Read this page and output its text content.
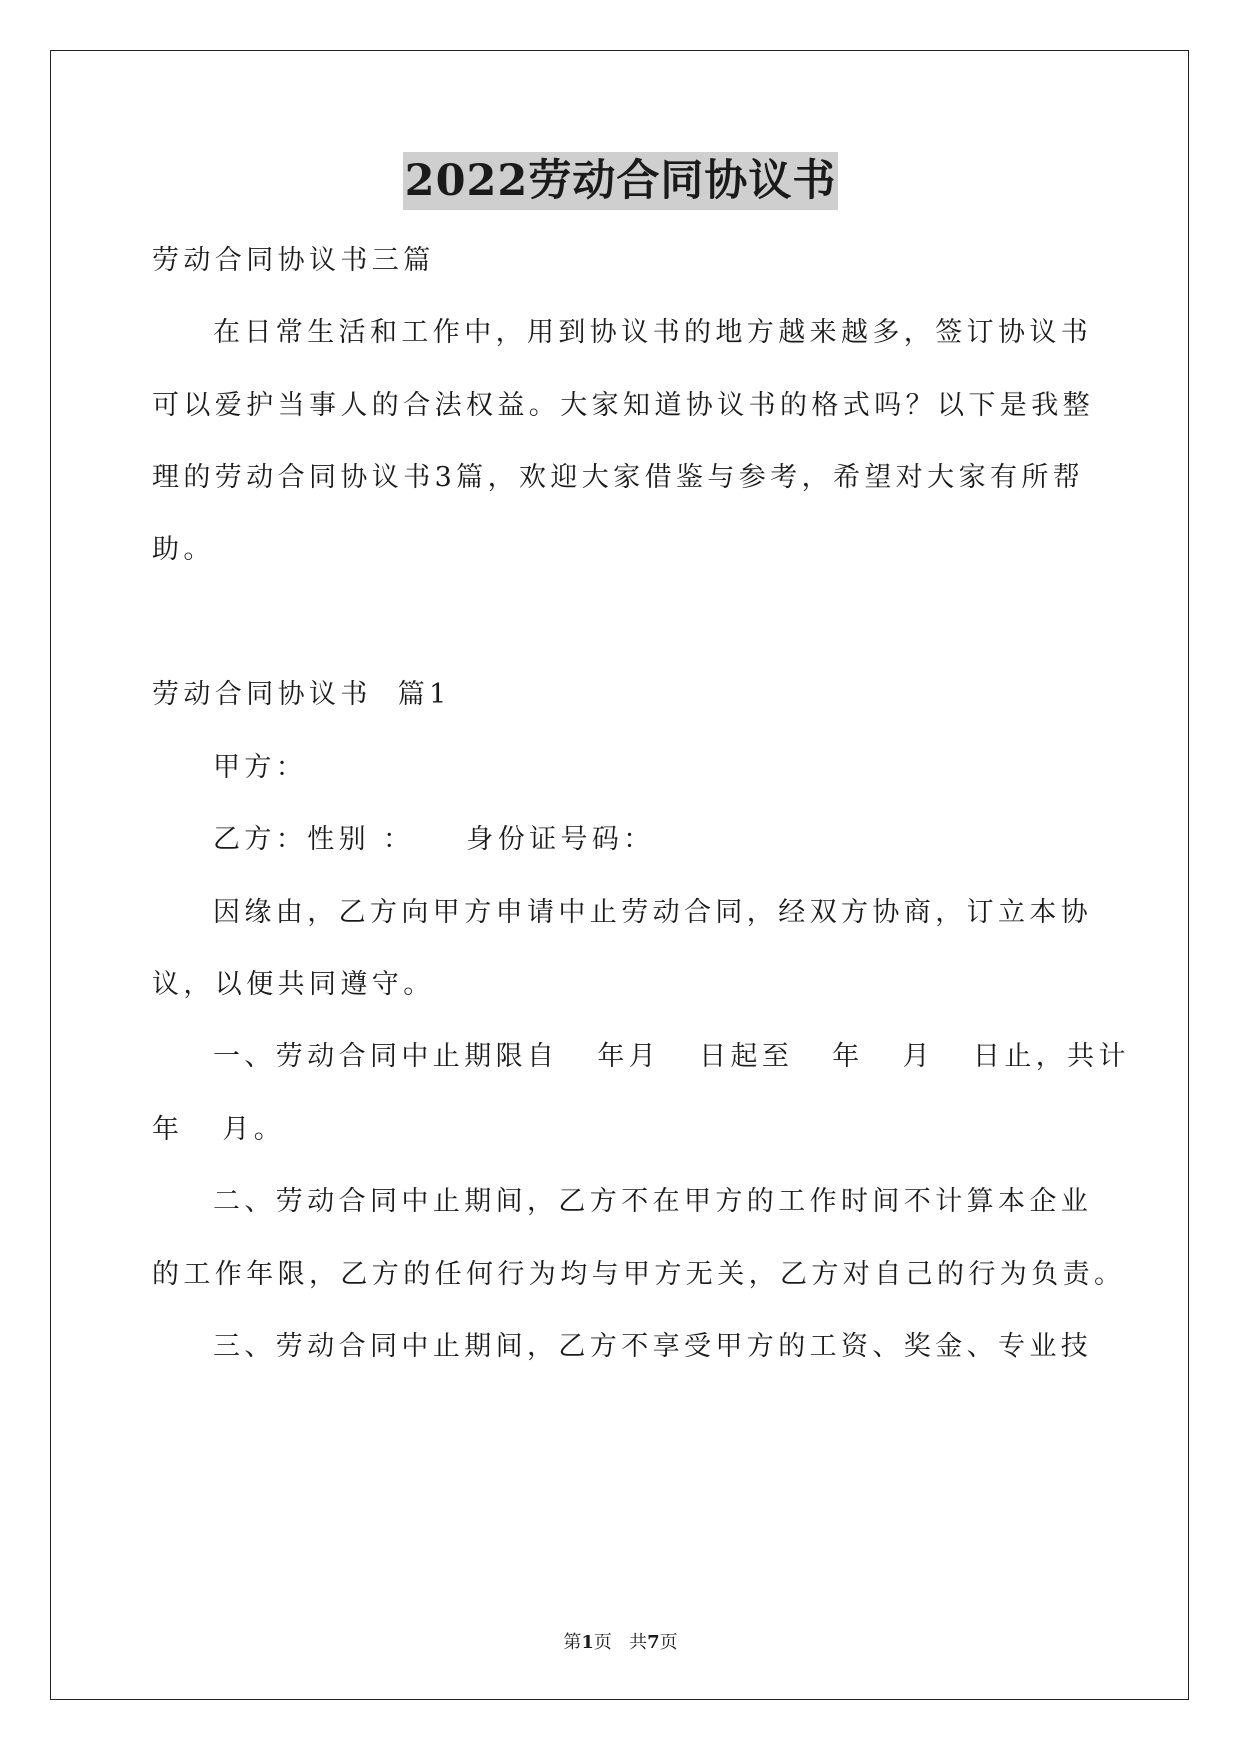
2022劳动合同协议书
劳动合同协议书三篇
在日常生活和工作中，用到协议书的地方越来越多，签订协议书
可以爱护当事人的合法权益。大家知道协议书的格式吗？以下是我整
理的劳动合同协议书3篇，欢迎大家借鉴与参考，希望对大家有所帮
助。
劳动合同协议书  篇1
甲方：
乙方：性别 ：    身份证号码：
因缘由，乙方向甲方申请中止劳动合同，经双方协商，订立本协
议，以便共同遵守。
一、劳动合同中止期限自   年月   日起至   年   月   日止，共计
年   月。
二、劳动合同中止期间，乙方不在甲方的工作时间不计算本企业
的工作年限，乙方的任何行为均与甲方无关，乙方对自己的行为负责。
三、劳动合同中止期间，乙方不享受甲方的工资、奖金、专业技
第1页   共7页
